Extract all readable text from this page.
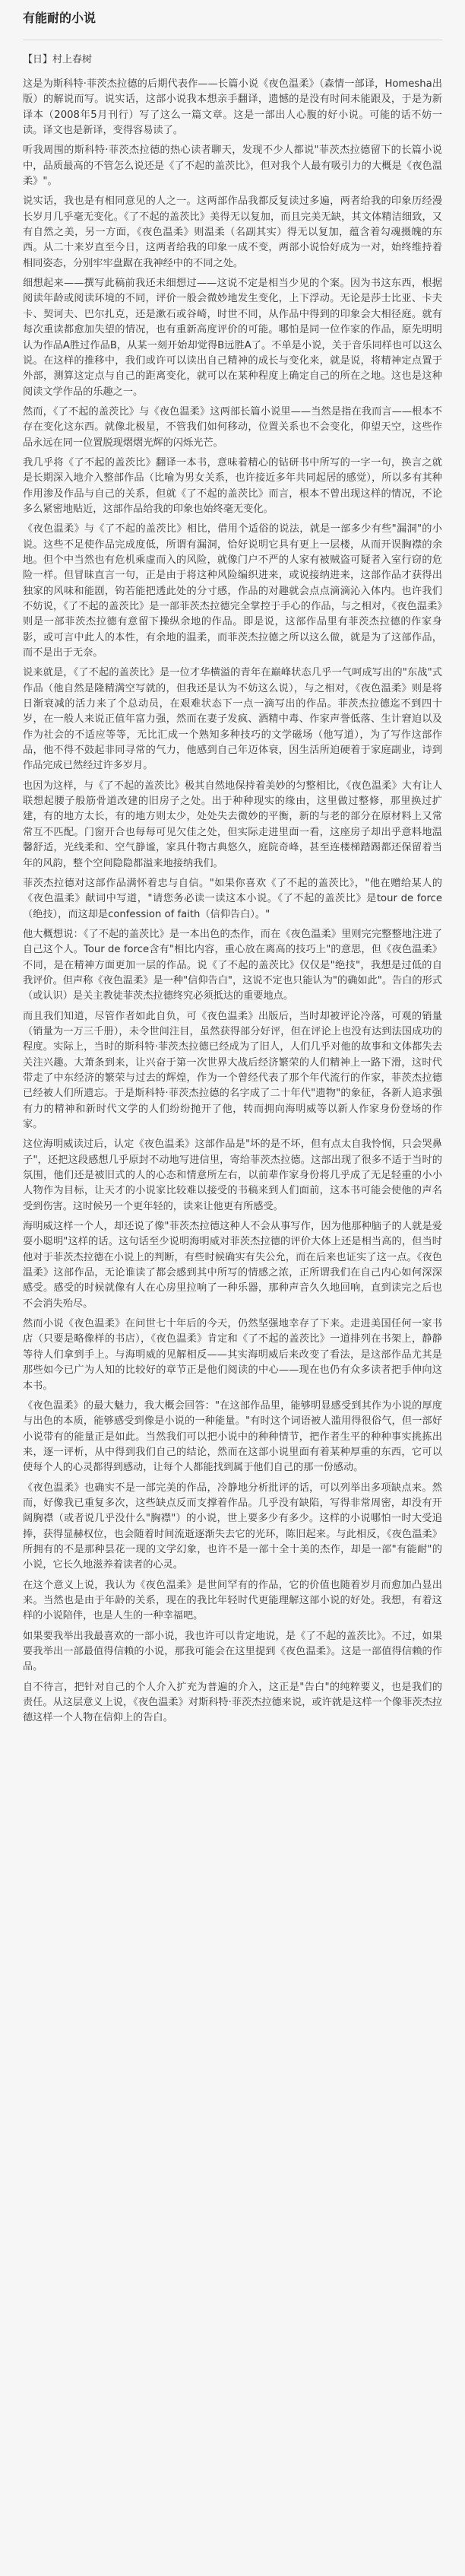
有能耐的小说
【日】村上春树

这是为斯科特·菲茨杰拉德的后期代表作——长篇小说《夜色温柔》（森情一部译，Homesha出版）的解说而写。说实话，这部小说我本想亲手翻译，遗憾的是没有时间未能跟及，于是为新译本（2008年5月刊行）写了这么一篇文章。这是一部出人心腹的好小说。可能的话不妨一读。译文也是新译，变得容易读了。

听我周围的斯科特·菲茨杰拉德的热心读者聊天，发现不少人都说"菲茨杰拉德留下的长篇小说中，品质最高的不管怎么说还是《了不起的盖茨比》，但对我个人最有吸引力的大概是《夜色温柔》"。

说实话，我也是有相同意见的人之一。这两部作品我都反复读过多遍，两者给我的印象历经漫长岁月几乎毫无变化。《了不起的盖茨比》美得无以复加，而且完美无缺，其文体精洁细致，又有自然之美，另一方面，《夜色温柔》则温柔（名副其实）得无以复加，蕴含着勾魂摄魄的东西。从二十来岁直至今日，这两者给我的印象一成不变，两部小说恰好成为一对，始终维持着相同姿态，分别牢牢盘踞在我神经中的不同之处。

细想起来——撰写此稿前我还未细想过——这说不定是相当少见的个案。因为书这东西，根据阅读年龄或阅读环境的不同，评价一般会微妙地发生变化，上下浮动。无论是莎士比亚、卡夫卡、契诃夫、巴尔扎克，还是漱石或谷崎，时世不同，从作品中得到的印象会大相径庭。就有每次重读都愈加失望的情况，也有重新高度评价的可能。哪怕是同一位作家的作品，原先明明认为作品A胜过作品B，从某一刻开始却觉得B远胜A了。不单是小说，关于音乐同样也可以这么说。在这样的推移中，我们或许可以读出自己精神的成长与变化来，就是说，将精神定点置于外部，测算这定点与自己的距离变化，就可以在某种程度上确定自己的所在之地。这也是这种阅读文学作品的乐趣之一。

然而，《了不起的盖茨比》与《夜色温柔》这两部长篇小说里——当然是指在我而言——根本不存在变化这东西。就像北极星，不管我们如何移动，位置关系也不会变化，仰望天空，这些作品永远在同一位置脱现熠熠光辉的闪烁光芒。

我几乎将《了不起的盖茨比》翻译一本书，意味着精心的钻研书中所写的一字一句，换言之就是长期深入地介入整部作品（比喻为男女关系，也许接近多年共同起居的感觉），所以多有其种作用渗及作品与自己的关系，但就《了不起的盖茨比》而言，根本不曾出现这样的情况，不论多么紧密地贴近，这部作品给我的印象也始终毫无变化。

《夜色温柔》与《了不起的盖茨比》相比，借用个适俗的说法，就是一部多少有些"漏洞"的小说。这些不足使作品完成度低，所谓有漏洞，恰好说明它具有更上一层楼，从而开误胸襟的余地。但个中当然也有危机乘虚而入的风险，就像门户不严的人家有被贼盗可疑者入室行窃的危险一样。但冒昧直言一句，正是由于将这种风险编织进来，或说接纳进来，这部作品才获得出独家的风味和能剧，钩若能把透此处的分寸感，作品的对趣就会点点滴滴沁入体内。也许我们不妨说，《了不起的盖茨比》是一部菲茨杰拉德完全掌控于手心的作品，与之相对，《夜色温柔》则是一部菲茨杰拉德有意留下操纵余地的作品。即是说，这部作品里有菲茨杰拉德的作家身影，或可言中此人的本性，有余地的温柔，而菲茨杰拉德之所以这么做，就是为了这部作品，而不是出于无奈。

说来就是，《了不起的盖茨比》是一位才华横溢的青年在巅峰状态几乎一气呵成写出的"东战"式作品（他自然是隆精满空写就的，但我还是认为不妨这么说），与之相对，《夜色温柔》则是将日渐衰减的活力来了个总动员，在艰难状态下一点一滴写出的作品。菲茨杰拉德迄不到四十岁，在一般人来说正值年富力强，然而在妻子发疯、酒精中毒、作家声誉低落、生计窘迫以及作为社会的不适应等等，无比汇成一个熟知多种技巧的文学磁场（他写道），为了写作这部作品，他不得不鼓起非同寻常的气力，他感到自己年迈体衰，因生活所迫硬着于家庭副业，诗到作品完成已然经过许多岁月。

也因为这样，与《了不起的盖茨比》极其自然地保持着美妙的匀整相比，《夜色温柔》大有让人联想起腰子般筋骨道改建的旧房子之处。出于种种现实的缘由，这里做过整修，那里换过扩建，有的地方太长，有的地方则太少，处处失去微妙的平衡，新的与老的部分在原材料上又常常互不匹配。门窗开合也每每可见欠佳之处，但实际走进里面一看，这座房子却出乎意料地温馨舒适，光线柔和、空气静谧，家具什物古典悠久，庭院奇峰，甚至连楼梯踏踢都还保留着当年的风韵，整个空间隐隐都溢来地接纳我们。

菲茨杰拉德对这部作品满怀着忠与自信。"如果你喜欢《了不起的盖茨比》，"他在赠给某人的《夜色温柔》献词中写道，"请您务必读一读这本小说。《了不起的盖茨比》是tour de force（绝技），而这却是confession of faith（信仰告白）。"

他大概想说：《了不起的盖茨比》是一本出色的杰作，而在《夜色温柔》里则完完整整地注进了自己这个人。Tour de force含有"相比内容，重心放在离高的技巧上"的意思，但《夜色温柔》不同，是在精神方面更加一层的作品。说《了不起的盖茨比》仅仅是"绝技"，我想是过低的自我评价。但声称《夜色温柔》是一种"信仰告白"，这说不定也只能认为"的确如此"。告白的形式（或认识）是关主教徒菲茨杰拉德终究必须抵达的重要地点。

而且我们知道，尽管作者如此自负，可《夜色温柔》出版后，当时却被评论冷落，可观的销量（销量为一万三千册），未令世间注目，虽然获得部分好评，但在评论上也没有达到法国成功的程度。实际上，当时的斯科特·菲茨杰拉德已经成为了旧人，人们几乎对他的故事和文体都失去关注兴趣。大萧条到来，让兴奋于第一次世界大战后经济繁荣的人们精神上一路下滑，这时代带走了中东经济的繁荣与过去的辉煌，作为一个曾经代表了那个年代流行的作家，菲茨杰拉德已经被人们所遗忘。于是斯科特·菲茨杰拉德的名字成了二十年代"遗物"的象征，各新人追求强有力的精神和新时代文学的人们纷纷抛开了他，转而拥向海明威等以新人作家身份登场的作家。

这位海明威读过后，认定《夜色温柔》这部作品是"坏的是不坏，但有点太自我怜悯，只会哭鼻子"，还把这段感想几乎原封不动地写进信里，寄给菲茨杰拉德。这部出现了很多不适于当时的氛围，他们还是被旧式的人的心态和情意所左右，以前辈作家身份将几乎成了无足轻重的小小人物作为目标，让天才的小说家比较难以接受的书稿来到人们面前，这本书可能会使他的声名受到伤害。这时候另一个更年轻的，读来让他更有所感受。

海明威这样一个人，却还说了像"菲茨杰拉德这种人不会从事写作，因为他那种脑子的人就是爱耍小聪明"这样的话。这句话至少说明海明威对菲茨杰拉德的评价大体上还是相当高的，但当时他对于菲茨杰拉德在小说上的判断，有些时候确实有失公允，而在后来也证实了这一点。《夜色温柔》这部作品，无论谁读了都会感到其中所写的情感之浓，正所谓我们在自己内心如何深深感受。感受的时候就像有人在心房里拉响了一种乐器，那种声音久久地回响，直到读完之后也不会消失殆尽。

然而小说《夜色温柔》在问世七十年后的今天，仍然坚强地幸存了下来。走进美国任何一家书店（只要是略像样的书店），《夜色温柔》肯定和《了不起的盖茨比》一道排列在书架上，静静等待人们拿到手上。与海明威的见解相反——其实海明威后来改变了看法，是这部作品尤其是那些如今已广为人知的比较好的章节正是他们阅读的中心——现在也仍有众多读者把手伸向这本书。

《夜色温柔》的最大魅力，我大概会回答："在这部作品里，能够明显感受到其作为小说的厚度与出色的本质，能够感受到像是小说的一种能量。"有时这个词语被人滥用得很俗气，但一部好小说带有的能量正是如此。当然我们可以把小说中的种种情节，把作者生平的种种事实挑拣出来，逐一评析，从中得到我们自己的结论，然而在这部小说里面有着某种厚重的东西，它可以使每个人的心灵都得到感动，让每个人都能找到属于他们自己的那一份感动。

《夜色温柔》也确实不是一部完美的作品，冷静地分析批评的话，可以列举出多项缺点来。然而，好像我已重复多次，这些缺点反而支撑着作品。几乎没有缺陷，写得非常周密，却没有开阔胸襟（或者说几乎没什么"胸襟"）的小说，世上要多少有多少。这样的小说哪怕一时大受追捧，获得显赫权位，也会随着时间流逝逐渐失去它的光环，陈旧起来。与此相反，《夜色温柔》所拥有的不是那种昙花一现的文学幻象，也许不是一部十全十美的杰作，却是一部"有能耐"的小说，它长久地滋养着读者的心灵。

在这个意义上说，我认为《夜色温柔》是世间罕有的作品，它的价值也随着岁月而愈加凸显出来。当然也是由于年龄的关系，现在的我比年轻时代更能理解这部小说的好处。我想，有着这样的小说陪伴，也是人生的一种幸福吧。

如果要我举出我最喜欢的一部小说，我也许可以肯定地说，是《了不起的盖茨比》。不过，如果要我举出一部最值得信赖的小说，那我可能会在这里提到《夜色温柔》。这是一部值得信赖的作品。

自不待言，把针对自己的个人介入扩充为普遍的介入，这正是"告白"的纯粹要义，也是我们的责任。从这层意义上说，《夜色温柔》对斯科特·菲茨杰拉德来说，或许就是这样一个像菲茨杰拉德这样一个人物在信仰上的告白。
